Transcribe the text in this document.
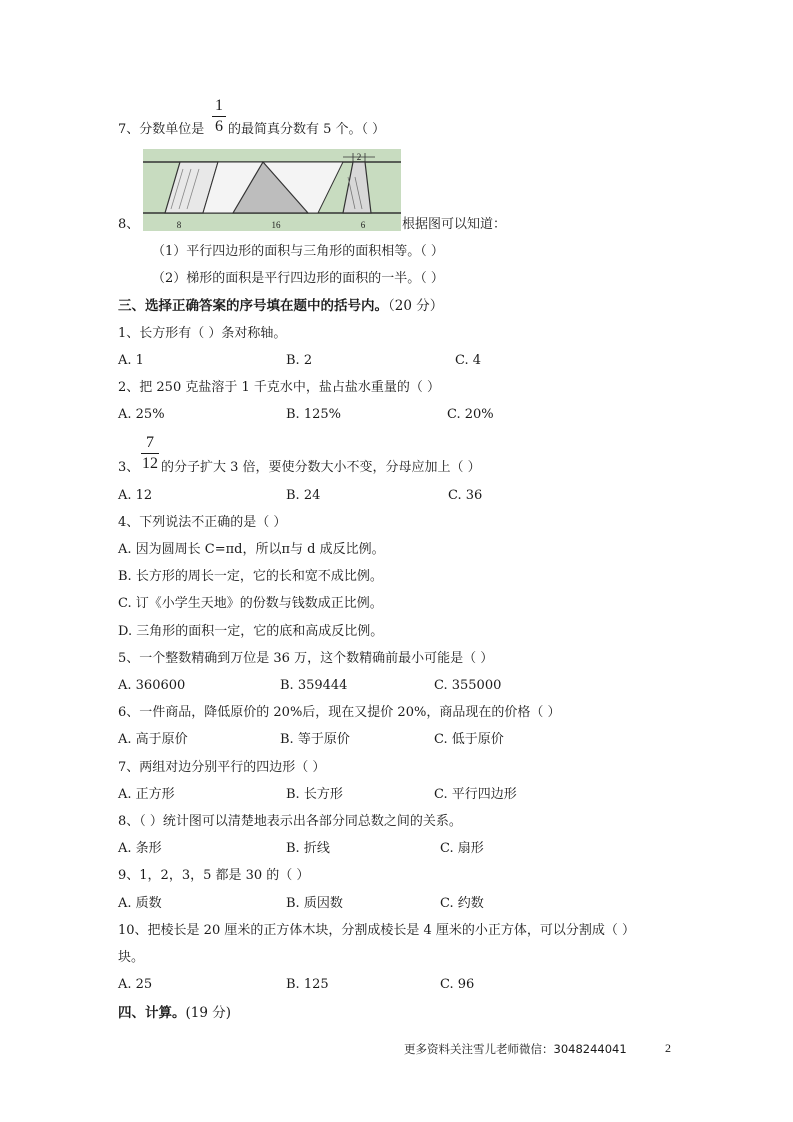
1
6
7、分数单位是 的最简真分数有 5 个。（ ）
2
8	16	6
8、	根据图可以知道：
（1）平行四边形的面积与三角形的面积相等。（ ）
（2）梯形的面积是平行四边形的面积的一半。（ ）
三、选择正确答案的序号填在题中的括号内。（20 分）
1、长方形有（ ）条对称轴。
A. 1	B. 2	C. 4
2、把 250 克盐溶于 1 千克水中，盐占盐水重量的（ ）
A. 25%	B. 125%	C. 20%
7
12
3、 的分子扩大 3 倍，要使分数大小不变，分母应加上（ ）
A. 12	B. 24	C. 36
4、下列说法不正确的是（ ）
A. 因为圆周长 C=πd，所以π与 d 成反比例。
B. 长方形的周长一定，它的长和宽不成比例。
C. 订《小学生天地》的份数与钱数成正比例。
D. 三角形的面积一定，它的底和高成反比例。
5、一个整数精确到万位是 36 万，这个数精确前最小可能是（ ）
A. 360600	B. 359444	C. 355000
6、一件商品，降低原价的 20%后，现在又提价 20%，商品现在的价格（ ）
A. 高于原价	B. 等于原价	C. 低于原价
7、两组对边分别平行的四边形（ ）
A. 正方形	B. 长方形	C. 平行四边形
8、（ ）统计图可以清楚地表示出各部分同总数之间的关系。
A. 条形	B. 折线	C. 扇形
9、1，2，3，5 都是 30 的（ ）
A. 质数	B. 质因数	C. 约数
10、把棱长是 20 厘米的正方体木块，分割成棱长是 4 厘米的小正方体，可以分割成（ ）
块。
A. 25	B. 125	C. 96
四、计算。(19 分)
更多资料关注雪儿老师微信：3048244041	2
